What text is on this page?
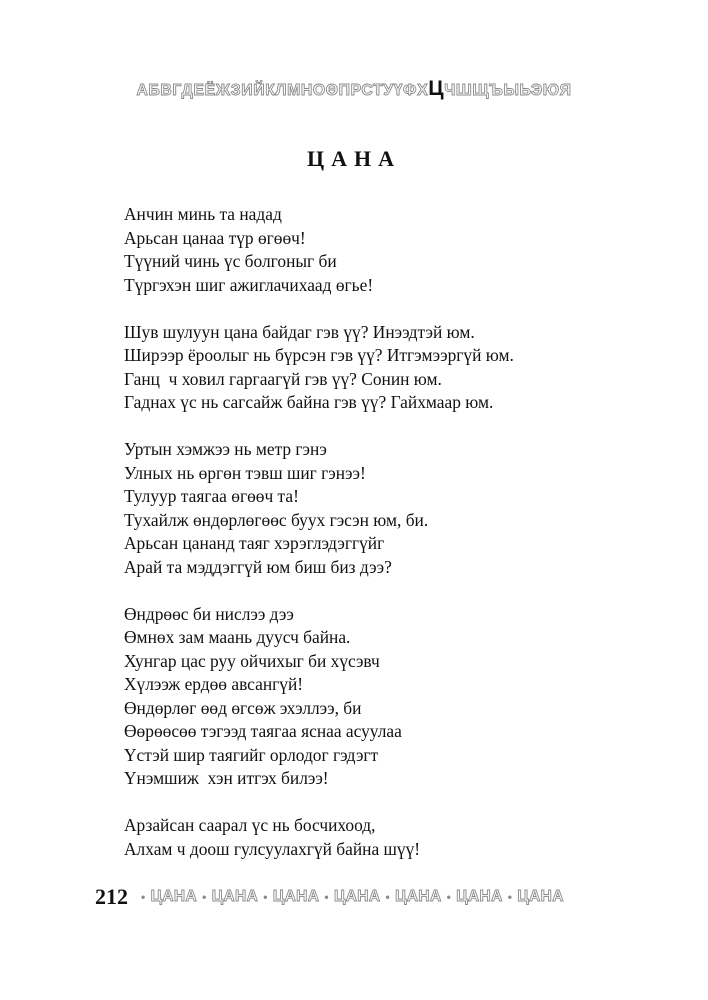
АБВГДЕЁЖЗИЙКЛМНОӨПРСТУҮФХЦЧШЩЪЫЬЭЮЯ
ЦАНА
Анчин минь та надад
Арьсан цанаа түр өгөөч!
Түүний чинь үс болгоныг би
Түргэхэн шиг ажиглачихаад өгье!
Шув шулуун цана байдаг гэв үү? Инээдтэй юм.
Ширээр ёроолыг нь бүрсэн гэв үү? Итгэмээргүй юм.
Ганц  ч ховил гаргаагүй гэв үү? Сонин юм.
Гаднах үс нь сагсайж байна гэв үү? Гайхмаар юм.
Уртын хэмжээ нь метр гэнэ
Улных нь өргөн тэвш шиг гэнээ!
Тулуур таягаа өгөөч та!
Тухайлж өндөрлөгөөс буух гэсэн юм, би.
Арьсан цананд таяг хэрэглэдэггүйг
Арай та мэддэггүй юм биш биз дээ?
Өндрөөс би нислээ дээ
Өмнөх зам маань дуусч байна.
Хунгар цас руу ойчихыг би хүсэвч
Хүлээж ердөө авсангүй!
Өндөрлөг өөд өгсөж эхэллээ, би
Өөрөөсөө тэгээд таягаа яснаа асуулаа
Үстэй шир таягийг орлодог гэдэгт
Үнэмшиж  хэн итгэх билээ!
Арзайсан саарал үс нь босчихоод,
Алхам ч доош гулсуулахгүй байна шүү!
212 • ЦАНА • ЦАНА • ЦАНА • ЦАНА • ЦАНА • ЦАНА • ЦАНА
